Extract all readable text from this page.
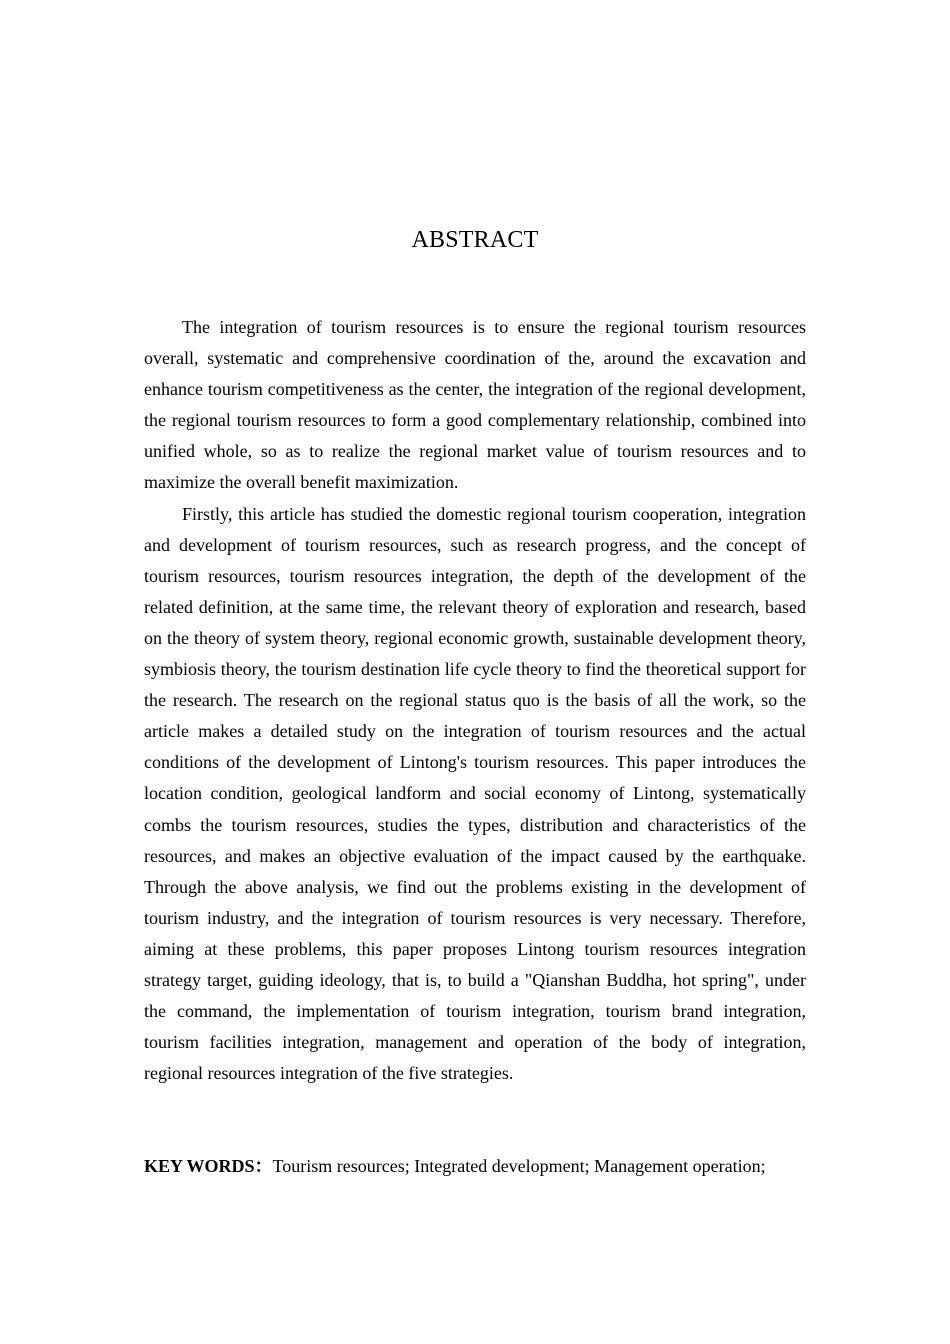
ABSTRACT

The integration of tourism resources is to ensure the regional tourism resources overall, systematic and comprehensive coordination of the, around the excavation and enhance tourism competitiveness as the center, the integration of the regional development, the regional tourism resources to form a good complementary relationship, combined into unified whole, so as to realize the regional market value of tourism resources and to maximize the overall benefit maximization.

Firstly, this article has studied the domestic regional tourism cooperation, integration and development of tourism resources, such as research progress, and the concept of tourism resources, tourism resources integration, the depth of the development of the related definition, at the same time, the relevant theory of exploration and research, based on the theory of system theory, regional economic growth, sustainable development theory, symbiosis theory, the tourism destination life cycle theory to find the theoretical support for the research. The research on the regional status quo is the basis of all the work, so the article makes a detailed study on the integration of tourism resources and the actual conditions of the development of Lintong's tourism resources. This paper introduces the location condition, geological landform and social economy of Lintong, systematically combs the tourism resources, studies the types, distribution and characteristics of the resources, and makes an objective evaluation of the impact caused by the earthquake. Through the above analysis, we find out the problems existing in the development of tourism industry, and the integration of tourism resources is very necessary. Therefore, aiming at these problems, this paper proposes Lintong tourism resources integration strategy target, guiding ideology, that is, to build a "Qianshan Buddha, hot spring", under the command, the implementation of tourism integration, tourism brand integration, tourism facilities integration, management and operation of the body of integration, regional resources integration of the five strategies.

KEY WORDS：Tourism resources; Integrated development; Management operation;
